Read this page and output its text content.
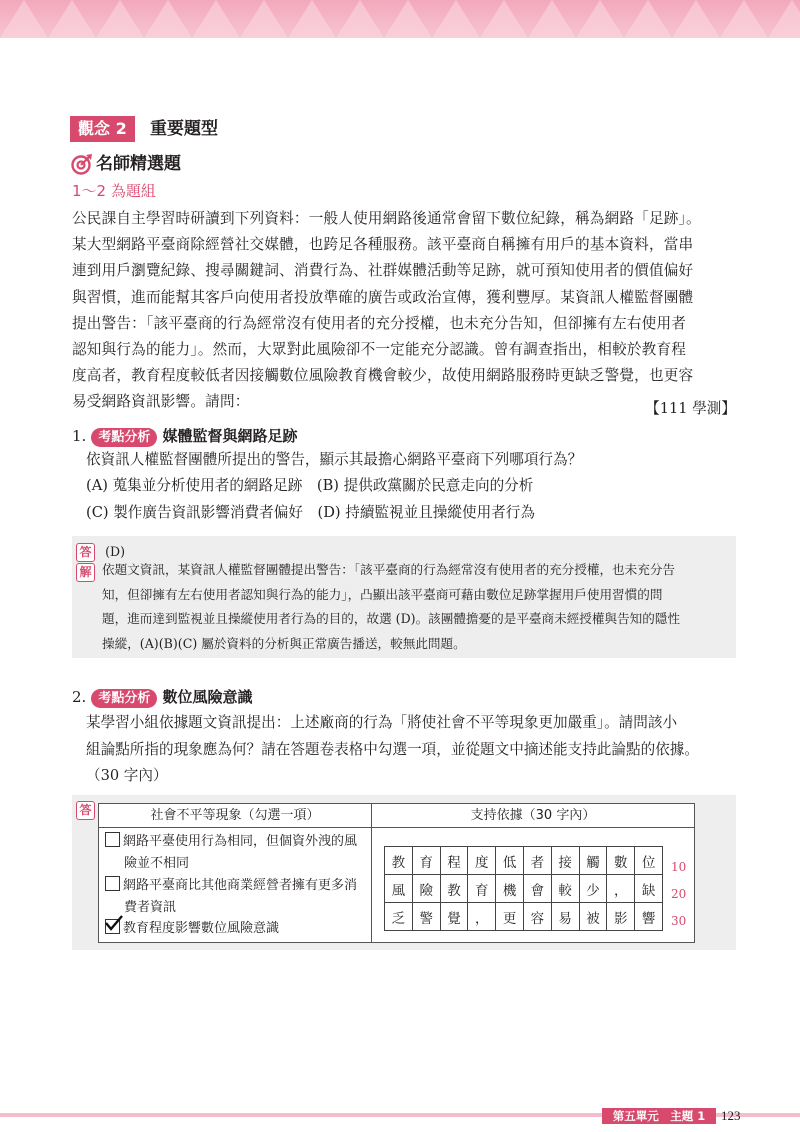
觀念 2	重要題型
名師精選題
1～2 為題組

公民課自主學習時研讀到下列資料：一般人使用網路後通常會留下數位紀錄，稱為網路「足跡」。

某大型網路平臺商除經營社交媒體，也跨足各種服務。該平臺商自稱擁有用戶的基本資料，當串

連到用戶瀏覽紀錄、搜尋關鍵詞、消費行為、社群媒體活動等足跡，就可預知使用者的價值偏好

與習慣，進而能幫其客戶向使用者投放準確的廣告或政治宣傳，獲利豐厚。某資訊人權監督團體

提出警告：「該平臺商的行為經常沒有使用者的充分授權，也未充分告知，但卻擁有左右使用者

認知與行為的能力」。然而，大眾對此風險卻不一定能充分認識。曾有調查指出，相較於教育程

度高者，教育程度較低者因接觸數位風險教育機會較少，故使用網路服務時更缺乏警覺，也更容

易受網路資訊影響。請問：	【111 學測】
1. 考點分析 媒體監督與網路足跡
依資訊人權監督團體所提出的警告，顯示其最擔心網路平臺商下列哪項行為？
(A) 蒐集並分析使用者的網路足跡　(B) 提供政黨關於民意走向的分析
(C) 製作廣告資訊影響消費者偏好　(D) 持續監視並且操縱使用者行為
答 (D)
解 依題文資訊，某資訊人權監督團體提出警告：「該平臺商的行為經常沒有使用者的充分授權，也未充分告

知，但卻擁有左右使用者認知與行為的能力」，凸顯出該平臺商可藉由數位足跡掌握用戶使用習慣的問

題，進而達到監視並且操縱使用者行為的目的，故選 (D)。該團體擔憂的是平臺商未經授權與告知的隱性

操縱，(A)(B)(C) 屬於資料的分析與正常廣告播送，較無此問題。

2. 考點分析 數位風險意識
某學習小組依據題文資訊提出：上述廠商的行為「將使社會不平等現象更加嚴重」。請問該小
組論點所指的現象應為何？請在答題卷表格中勾選一項，並從題文中摘述能支持此論點的依據。
（30 字內）
答	社會不平等現象（勾選一項）	支持依據（30 字內）
網路平臺使用行為相同，但個資外洩的風
險並不相同
網路平臺商比其他商業經營者擁有更多消
費者資訊
教育程度影響數位風險意識
教	育	程	度	低	者	接	觸	數	位
風	險	教	育	機	會	較	少	，	缺
乏	警	覺	，	更	容	易	被	影	響
10
20
30
第五單元　主題 1	123
